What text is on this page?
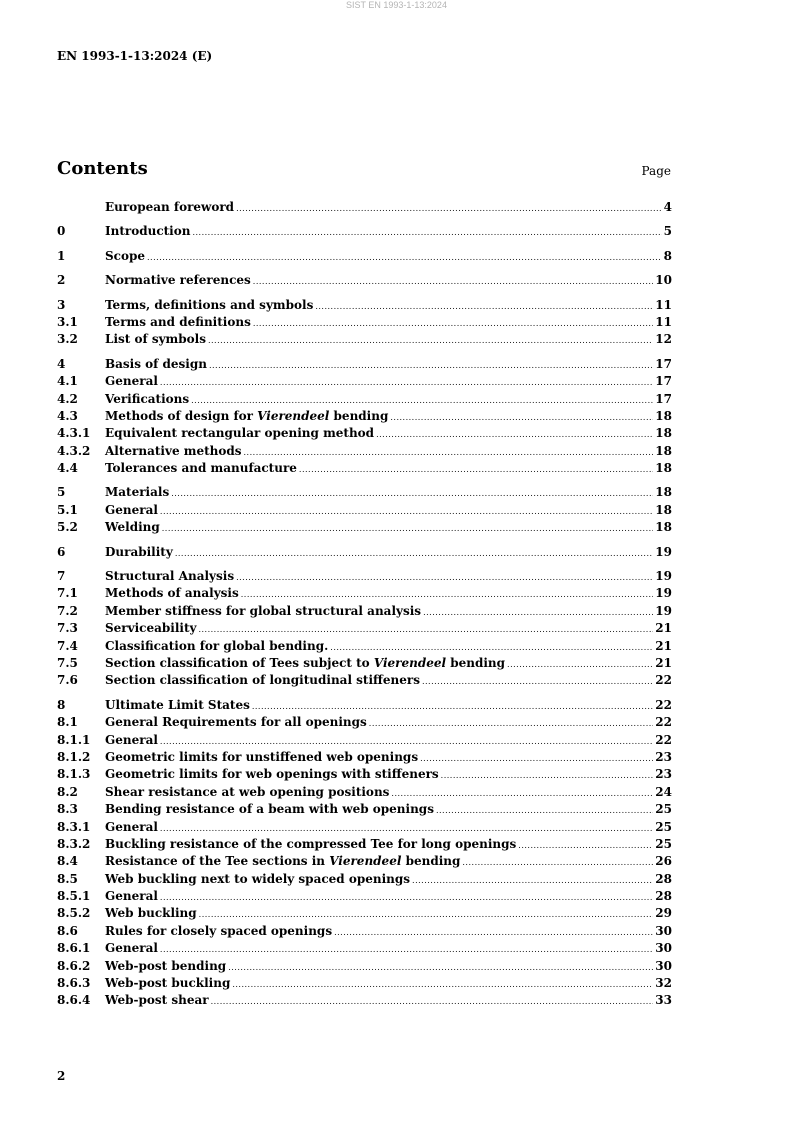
SIST EN 1993-1-13:2024
EN 1993-1-13:2024 (E)
Contents	Page
European foreword .....	4
0	Introduction .....	5
1	Scope .....	8
2	Normative references .....	10
3	Terms, definitions and symbols .....	11
3.1	Terms and definitions .....	11
3.2	List of symbols .....	12
4	Basis of design .....	17
4.1	General .....	17
4.2	Verifications .....	17
4.3	Methods of design for Vierendeel bending .....	18
4.3.1	Equivalent rectangular opening method .....	18
4.3.2	Alternative methods .....	18
4.4	Tolerances and manufacture .....	18
5	Materials .....	18
5.1	General .....	18
5.2	Welding .....	18
6	Durability .....	19
7	Structural Analysis .....	19
7.1	Methods of analysis .....	19
7.2	Member stiffness for global structural analysis .....	19
7.3	Serviceability .....	21
7.4	Classification for global bending. .....	21
7.5	Section classification of Tees subject to Vierendeel bending .....	21
7.6	Section classification of longitudinal stiffeners .....	22
8	Ultimate Limit States .....	22
8.1	General Requirements for all openings .....	22
8.1.1	General .....	22
8.1.2	Geometric limits for unstiffened web openings .....	23
8.1.3	Geometric limits for web openings with stiffeners .....	23
8.2	Shear resistance at web opening positions .....	24
8.3	Bending resistance of a beam with web openings .....	25
8.3.1	General .....	25
8.3.2	Buckling resistance of the compressed Tee for long openings .....	25
8.4	Resistance of the Tee sections in Vierendeel bending .....	26
8.5	Web buckling next to widely spaced openings .....	28
8.5.1	General .....	28
8.5.2	Web buckling .....	29
8.6	Rules for closely spaced openings .....	30
8.6.1	General .....	30
8.6.2	Web-post bending .....	30
8.6.3	Web-post buckling .....	32
8.6.4	Web-post shear .....	33
2
